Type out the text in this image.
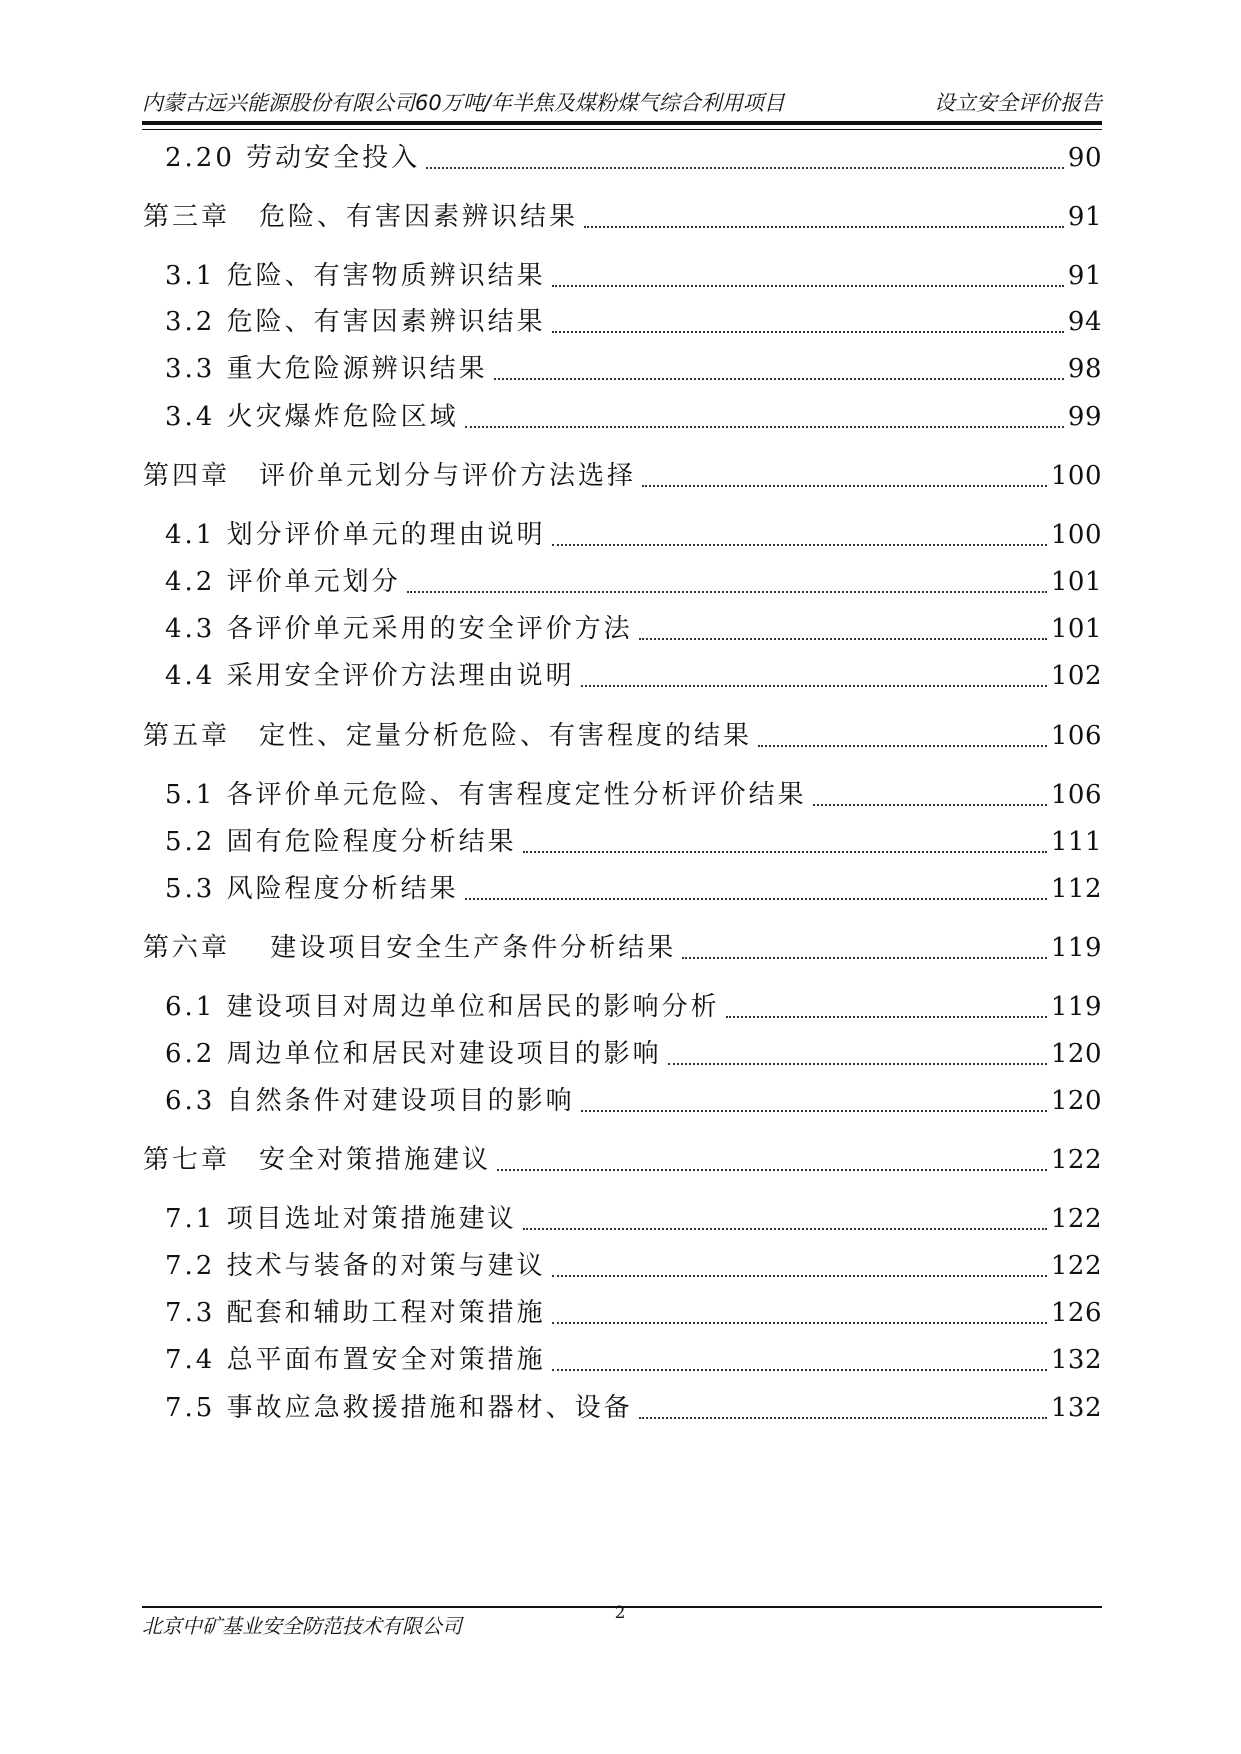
内蒙古远兴能源股份有限公司60万吨/年半焦及煤粉煤气综合利用项目	设立安全评价报告
2.20 劳动安全投入	90
第三章　危险、有害因素辨识结果	91
3.1 危险、有害物质辨识结果	91
3.2 危险、有害因素辨识结果	94
3.3 重大危险源辨识结果	98
3.4 火灾爆炸危险区域	99
第四章　评价单元划分与评价方法选择	100
4.1 划分评价单元的理由说明	100
4.2 评价单元划分	101
4.3 各评价单元采用的安全评价方法	101
4.4 采用安全评价方法理由说明	102
第五章　定性、定量分析危险、有害程度的结果	106
5.1 各评价单元危险、有害程度定性分析评价结果	106
5.2 固有危险程度分析结果	111
5.3 风险程度分析结果	112
第六章　 建设项目安全生产条件分析结果	119
6.1 建设项目对周边单位和居民的影响分析	119
6.2 周边单位和居民对建设项目的影响	120
6.3 自然条件对建设项目的影响	120
第七章　安全对策措施建议	122
7.1 项目选址对策措施建议	122
7.2 技术与装备的对策与建议	122
7.3 配套和辅助工程对策措施	126
7.4 总平面布置安全对策措施	132
7.5 事故应急救援措施和器材、设备	132
北京中矿基业安全防范技术有限公司
2
